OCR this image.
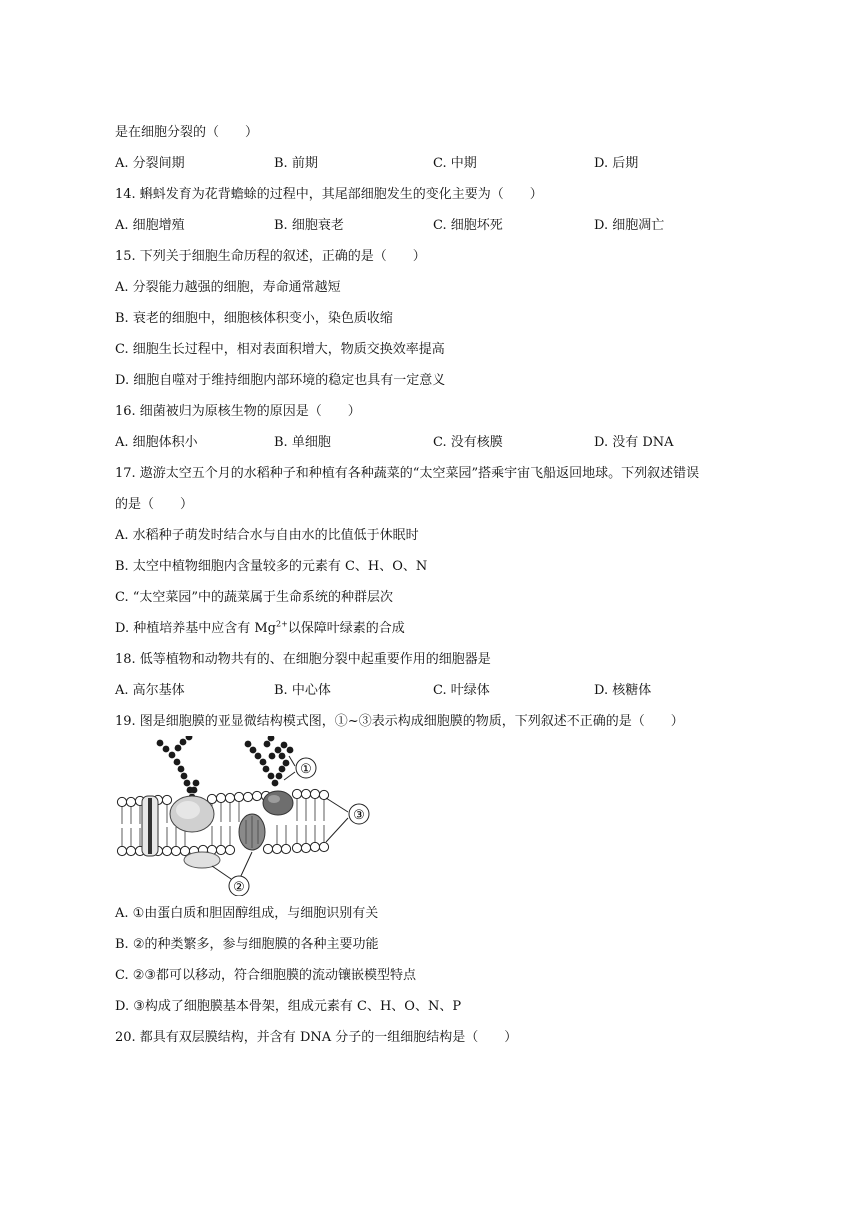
是在细胞分裂的（　　）
A. 分裂间期	B. 前期	C. 中期	D. 后期
14. 蝌蚪发育为花背蟾蜍的过程中，其尾部细胞发生的变化主要为（　　）
A. 细胞增殖	B. 细胞衰老	C. 细胞坏死	D. 细胞凋亡
15. 下列关于细胞生命历程的叙述，正确的是（　　）
A. 分裂能力越强的细胞，寿命通常越短
B. 衰老的细胞中，细胞核体积变小，染色质收缩
C. 细胞生长过程中，相对表面积增大，物质交换效率提高
D. 细胞自噬对于维持细胞内部环境的稳定也具有一定意义
16. 细菌被归为原核生物的原因是（　　）
A. 细胞体积小	B. 单细胞	C. 没有核膜	D. 没有 DNA
17. 遨游太空五个月的水稻种子和种植有各种蔬菜的“太空菜园”搭乘宇宙飞船返回地球。下列叙述错误
的是（　　）
A. 水稻种子萌发时结合水与自由水的比值低于休眠时
B. 太空中植物细胞内含量较多的元素有 C、H、O、N
C. “太空菜园”中的蔬菜属于生命系统的种群层次
D. 种植培养基中应含有 $Mg^{2+}$以保障叶绿素的合成
18. 低等植物和动物共有的、在细胞分裂中起重要作用的细胞器是
A. 高尔基体	B. 中心体	C. 叶绿体	D. 核糖体
19. 图是细胞膜的亚显微结构模式图，①~③表示构成细胞膜的物质，下列叙述不正确的是（　　）
①
③
②
A. ①由蛋白质和胆固醇组成，与细胞识别有关
B. ②的种类繁多，参与细胞膜的各种主要功能
C. ②③都可以移动，符合细胞膜的流动镶嵌模型特点
D. ③构成了细胞膜基本骨架，组成元素有 C、H、O、N、P
20. 都具有双层膜结构，并含有 DNA 分子的一组细胞结构是（　　）
